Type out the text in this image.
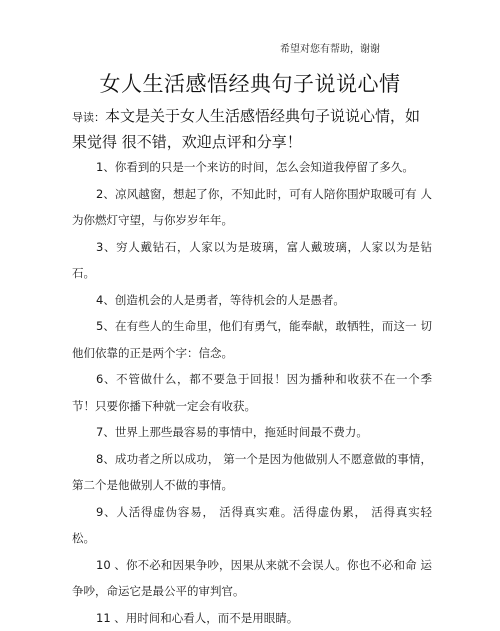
希望对您有帮助，谢谢
女人生活感悟经典句子说说心情
导读：本文是关于女人生活感悟经典句子说说心情，如果觉得 很不错，欢迎点评和分享！
1、你看到的只是一个来访的时间，怎么会知道我停留了多久。
2、凉风越窗，想起了你，不知此时，可有人陪你围炉取暖可有 人为你燃灯守望，与你岁岁年年。
3、穷人戴钻石，人家以为是玻璃，富人戴玻璃，人家以为是钻 石。
4、创造机会的人是勇者，等待机会的人是愚者。
5、在有些人的生命里，他们有勇气，能奉献，敢牺牲，而这一 切他们依靠的正是两个字：信念。
6、不管做什么，都不要急于回报！因为播种和收获不在一个季 节！只要你播下种就一定会有收获。
7、世界上那些最容易的事情中，拖延时间最不费力。
8、成功者之所以成功， 第一个是因为他做别人不愿意做的事情，第二个是他做别人不做的事情。
9、人活得虚伪容易， 活得真实难。活得虚伪累， 活得真实轻松。
10 、你不必和因果争吵，因果从来就不会误人。你也不必和命 运争吵，命运它是最公平的审判官。
11 、用时间和心看人，而不是用眼睛。
